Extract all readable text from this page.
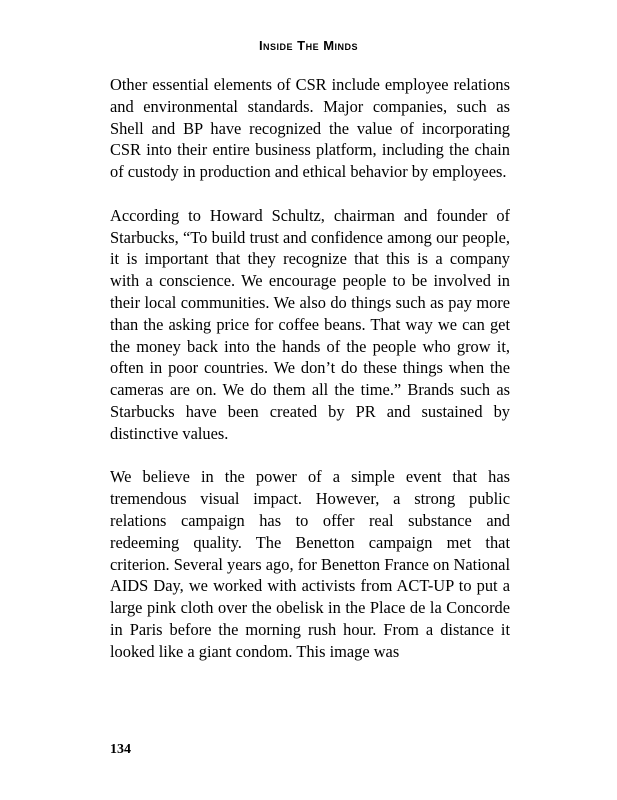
Inside The Minds

Other essential elements of CSR include employee relations and environmental standards. Major companies, such as Shell and BP have recognized the value of incorporating CSR into their entire business platform, including the chain of custody in production and ethical behavior by employees.

According to Howard Schultz, chairman and founder of Starbucks, “To build trust and confidence among our people, it is important that they recognize that this is a company with a conscience. We encourage people to be involved in their local communities. We also do things such as pay more than the asking price for coffee beans. That way we can get the money back into the hands of the people who grow it, often in poor countries. We don’t do these things when the cameras are on. We do them all the time.” Brands such as Starbucks have been created by PR and sustained by distinctive values.

We believe in the power of a simple event that has tremendous visual impact. However, a strong public relations campaign has to offer real substance and redeeming quality. The Benetton campaign met that criterion. Several years ago, for Benetton France on National AIDS Day, we worked with activists from ACT-UP to put a large pink cloth over the obelisk in the Place de la Concorde in Paris before the morning rush hour. From a distance it looked like a giant condom. This image was

134
